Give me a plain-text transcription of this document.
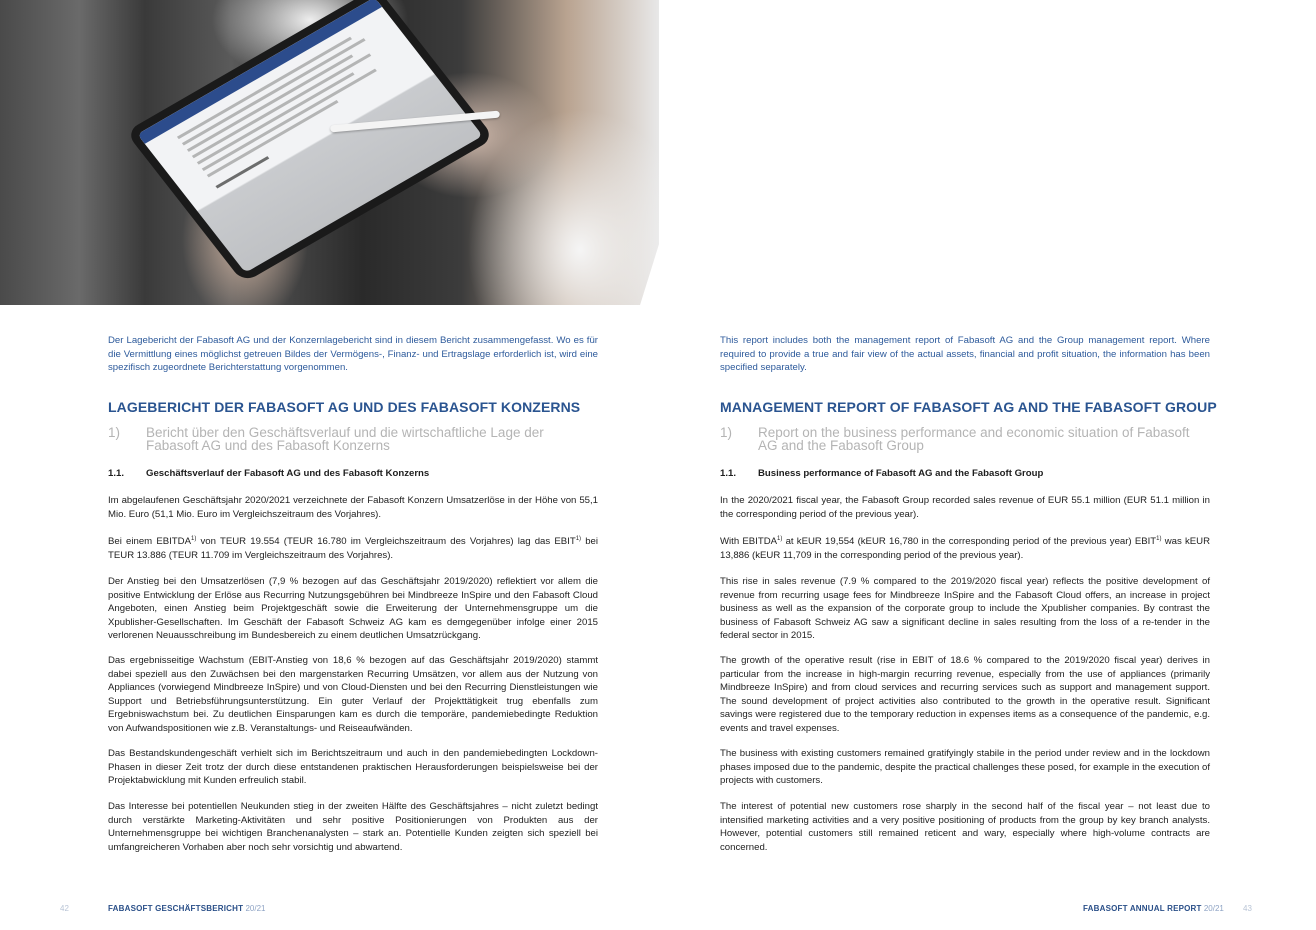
Der Lagebericht der Fabasoft AG und der Konzernlagebericht sind in diesem Bericht zusammengefasst. Wo es für die Vermittlung eines möglichst getreuen Bildes der Vermögens-, Finanz- und Ertragslage erforderlich ist, wird eine spezifisch zugeordnete Berichterstattung vorgenommen.

LAGEBERICHT DER FABASOFT AG UND DES FABASOFT KONZERNS
1)	Bericht über den Geschäftsverlauf und die wirtschaftliche Lage der Fabasoft AG und des Fabasoft Konzerns
1.1.	Geschäftsverlauf der Fabasoft AG und des Fabasoft Konzerns

Im abgelaufenen Geschäftsjahr 2020/2021 verzeichnete der Fabasoft Konzern Umsatzerlöse in der Höhe von 55,1 Mio. Euro (51,1 Mio. Euro im Vergleichszeitraum des Vorjahres).

Bei einem EBITDA$^{1)}$ von TEUR 19.554 (TEUR 16.780 im Vergleichszeitraum des Vorjahres) lag das EBIT$^{1)}$ bei TEUR 13.886 (TEUR 11.709 im Vergleichszeitraum des Vorjahres).

Der Anstieg bei den Umsatzerlösen (7,9 % bezogen auf das Geschäftsjahr 2019/2020) reflektiert vor allem die positive Entwicklung der Erlöse aus Recurring Nutzungsgebühren bei Mindbreeze InSpire und den Fabasoft Cloud Angeboten, einen Anstieg beim Projektgeschäft sowie die Erweiterung der Unternehmensgruppe um die Xpublisher-Gesellschaften. Im Geschäft der Fabasoft Schweiz AG kam es demgegenüber infolge einer 2015 verlorenen Neuausschreibung im Bundesbereich zu einem deutlichen Umsatzrückgang.

Das ergebnisseitige Wachstum (EBIT-Anstieg von 18,6 % bezogen auf das Geschäftsjahr 2019/2020) stammt dabei speziell aus den Zuwächsen bei den margenstarken Recurring Umsätzen, vor allem aus der Nutzung von Appliances (vorwiegend Mindbreeze InSpire) und von Cloud-Diensten und bei den Recurring Dienstleistungen wie Support und Betriebsführungsunterstützung. Ein guter Verlauf der Projekttätigkeit trug ebenfalls zum Ergebniswachstum bei. Zu deutlichen Einsparungen kam es durch die temporäre, pandemiebedingte Reduktion von Aufwandspositionen wie z.B. Veranstaltungs- und Reiseaufwänden.

Das Bestandskundengeschäft verhielt sich im Berichtszeitraum und auch in den pandemiebedingten Lockdown-Phasen in dieser Zeit trotz der durch diese entstandenen praktischen Herausforderungen beispielsweise bei der Projektabwicklung mit Kunden erfreulich stabil.

Das Interesse bei potentiellen Neukunden stieg in der zweiten Hälfte des Geschäftsjahres – nicht zuletzt bedingt durch verstärkte Marketing-Aktivitäten und sehr positive Positionierungen von Produkten aus der Unternehmensgruppe bei wichtigen Branchenanalysten – stark an. Potentielle Kunden zeigten sich speziell bei umfangreicheren Vorhaben aber noch sehr vorsichtig und abwartend.

This report includes both the management report of Fabasoft AG and the Group management report. Where required to provide a true and fair view of the actual assets, financial and profit situation, the information has been specified separately.

MANAGEMENT REPORT OF FABASOFT AG AND THE FABASOFT GROUP
1)	Report on the business performance and economic situation of Fabasoft AG and the Fabasoft Group
1.1.	Business performance of Fabasoft AG and the Fabasoft Group

In the 2020/2021 fiscal year, the Fabasoft Group recorded sales revenue of EUR 55.1 million (EUR 51.1 million in the corresponding period of the previous year).

With EBITDA$^{1)}$ at kEUR 19,554 (kEUR 16,780 in the corresponding period of the previous year) EBIT$^{1)}$ was kEUR 13,886 (kEUR 11,709 in the corresponding period of the previous year).

This rise in sales revenue (7.9 % compared to the 2019/2020 fiscal year) reflects the positive development of revenue from recurring usage fees for Mindbreeze InSpire and the Fabasoft Cloud offers, an increase in project business as well as the expansion of the corporate group to include the Xpublisher companies. By contrast the business of Fabasoft Schweiz AG saw a significant decline in sales resulting from the loss of a re-tender in the federal sector in 2015.

The growth of the operative result (rise in EBIT of 18.6 % compared to the 2019/2020 fiscal year) derives in particular from the increase in high-margin recurring revenue, especially from the use of appliances (primarily Mindbreeze InSpire) and from cloud services and recurring services such as support and management support. The sound development of project activities also contributed to the growth in the operative result. Significant savings were registered due to the temporary reduction in expenses items as a consequence of the pandemic, e.g. events and travel expenses.

The business with existing customers remained gratifyingly stabile in the period under review and in the lockdown phases imposed due to the pandemic, despite the practical challenges these posed, for example in the execution of projects with customers.

The interest of potential new customers rose sharply in the second half of the fiscal year – not least due to intensified marketing activities and a very positive positioning of products from the group by key branch analysts. However, potential customers still remained reticent and wary, especially where high-volume contracts are concerned.

42	FABASOFT GESCHÄFTSBERICHT 20/21	FABASOFT ANNUAL REPORT 20/21 43
